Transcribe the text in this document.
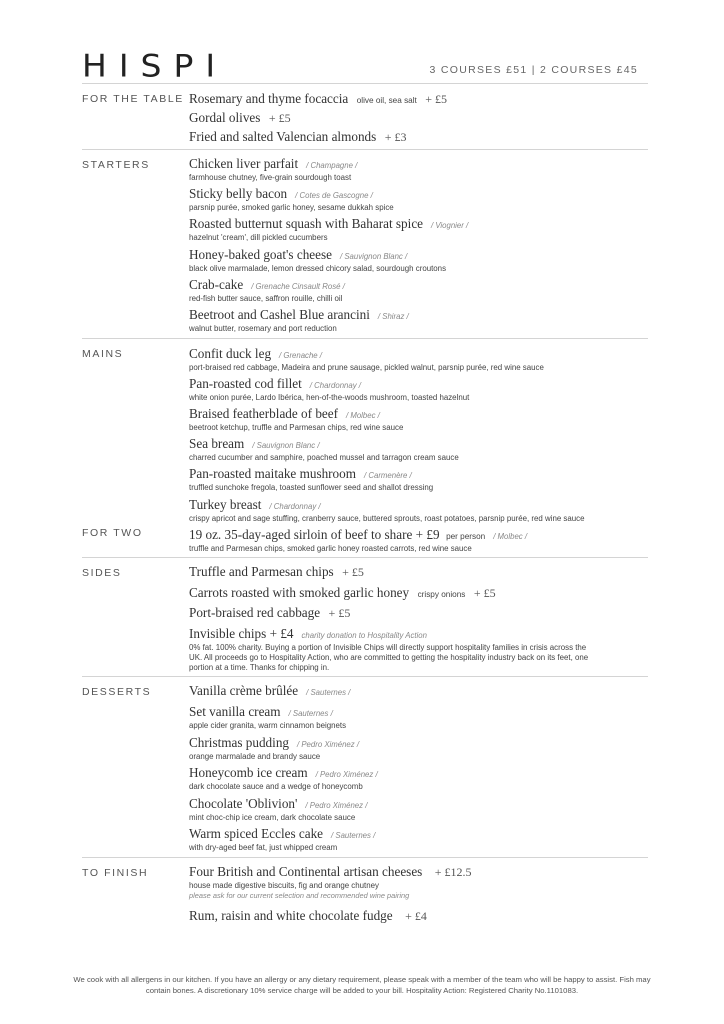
HISPI	3 COURSES £51 | 2 COURSES £45
FOR THE TABLE Rosemary and thyme focaccia olive oil, sea salt + £5
Gordal olives + £5
Fried and salted Valencian almonds + £3
STARTERS	Chicken liver parfait / Champagne /
farmhouse chutney, five-grain sourdough toast
Sticky belly bacon / Cotes de Gascogne /
parsnip purée, smoked garlic honey, sesame dukkah spice
Roasted butternut squash with Baharat spice / Viognier /
hazelnut 'cream', dill pickled cucumbers
Honey-baked goat's cheese / Sauvignon Blanc /
black olive marmalade, lemon dressed chicory salad, sourdough croutons
Crab-cake / Grenache Cinsault Rosé /
red-fish butter sauce, saffron rouille, chilli oil
Beetroot and Cashel Blue arancini / Shiraz /
walnut butter, rosemary and port reduction
MAINS	Confit duck leg / Grenache /
port-braised red cabbage, Madeira and prune sausage, pickled walnut, parsnip purée, red wine sauce
Pan-roasted cod fillet / Chardonnay /
white onion purée, Lardo Ibérica, hen-of-the-woods mushroom, toasted hazelnut
Braised featherblade of beef / Molbec /
beetroot ketchup, truffle and Parmesan chips, red wine sauce
Sea bream / Sauvignon Blanc /
charred cucumber and samphire, poached mussel and tarragon cream sauce
Pan-roasted maitake mushroom / Carmenère /
truffled sunchoke fregola, toasted sunflower seed and shallot dressing
Turkey breast / Chardonnay /
crispy apricot and sage stuffing, cranberry sauce, buttered sprouts, roast potatoes, parsnip purée, red wine sauce
FOR TWO	19 oz. 35-day-aged sirloin of beef to share + £9 per person / Molbec /
truffle and Parmesan chips, smoked garlic honey roasted carrots, red wine sauce
SIDES	Truffle and Parmesan chips + £5
Carrots roasted with smoked garlic honey crispy onions + £5
Port-braised red cabbage + £5
Invisible chips + £4 charity donation to Hospitality Action
0% fat. 100% charity. Buying a portion of Invisible Chips will directly support hospitality families in crisis across the UK. All proceeds go to Hospitality Action, who are committed to getting the hospitality industry back on its feet, one portion at a time. Thanks for chipping in.
DESSERTS	Vanilla crème brûlée / Sauternes /
Set vanilla cream / Sauternes /
apple cider granita, warm cinnamon beignets
Christmas pudding / Pedro Ximénez /
orange marmalade and brandy sauce
Honeycomb ice cream / Pedro Ximénez /
dark chocolate sauce and a wedge of honeycomb
Chocolate 'Oblivion' / Pedro Ximénez /
mint choc-chip ice cream, dark chocolate sauce
Warm spiced Eccles cake / Sauternes /
with dry-aged beef fat, just whipped cream
TO FINISH	Four British and Continental artisan cheeses + £12.5
house made digestive biscuits, fig and orange chutney
please ask for our current selection and recommended wine pairing
Rum, raisin and white chocolate fudge + £4
We cook with all allergens in our kitchen. If you have an allergy or any dietary requirement, please speak with a member of the team who will be happy to assist. Fish may contain bones. A discretionary 10% service charge will be added to your bill. Hospitality Action: Registered Charity No.1101083.
